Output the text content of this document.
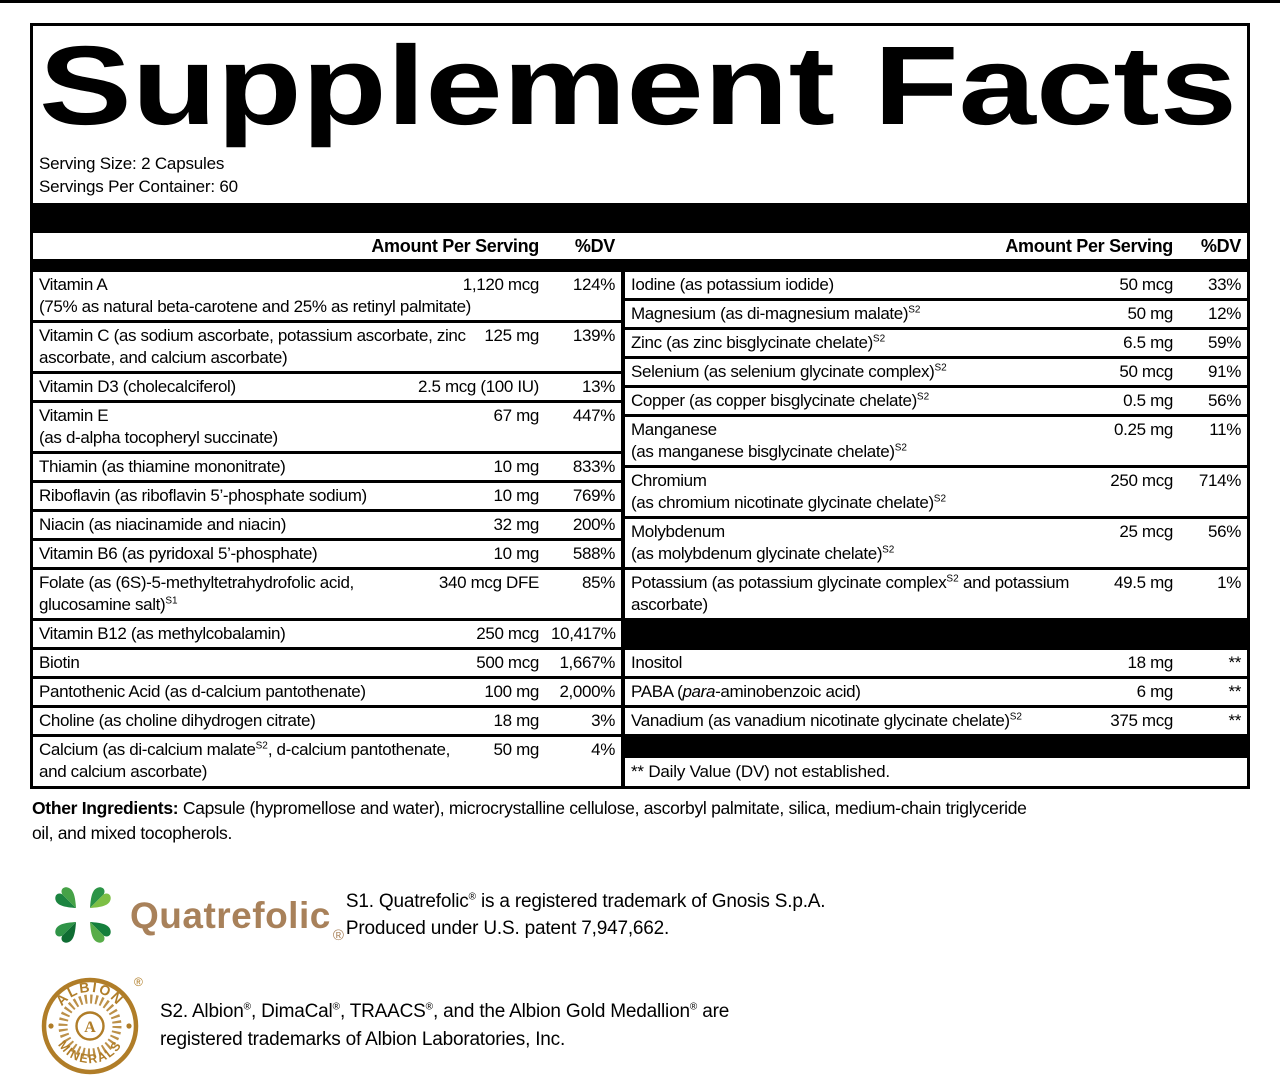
Supplement Facts
Serving Size: 2 Capsules
Servings Per Container: 60
Amount Per Serving	%DV	Amount Per Serving	%DV
Vitamin A	1,120 mcg	124%
(75% as natural beta-carotene and 25% as retinyl palmitate)
Vitamin C (as sodium ascorbate, potassium ascorbate, zinc ascorbate, and calcium ascorbate)
125 mg	139%
Vitamin D3 (cholecalciferol)	2.5 mcg (100 IU)	13%
Vitamin E	67 mg	447%
(as d-alpha tocopheryl succinate)
Thiamin (as thiamine mononitrate)	10 mg	833%
Riboflavin (as riboflavin 5’-phosphate sodium)	10 mg	769%
Niacin (as niacinamide and niacin)	32 mg	200%
Vitamin B6 (as pyridoxal 5’-phosphate)	10 mg	588%
Folate (as (6S)-5-methyltetrahydrofolic acid, glucosamine salt)$^{S1}$
340 mcg DFE	85%
Vitamin B12 (as methylcobalamin)	250 mcg 10,417%
Biotin	500 mcg	1,667%
Pantothenic Acid (as d-calcium pantothenate)	100 mg	2,000%
Choline (as choline dihydrogen citrate)	18 mg	3%
Calcium (as di-calcium malate$^{S2}$, d-calcium pantothenate, and calcium ascorbate)
50 mg	4%
Iodine (as potassium iodide)	50 mcg	33%
Magnesium (as di-magnesium malate)$^{S2}$	50 mg	12%
Zinc (as zinc bisglycinate chelate)$^{S2}$	6.5 mg	59%
Selenium (as selenium glycinate complex)$^{S2}$	50 mcg	91%
Copper (as copper bisglycinate chelate)$^{S2}$	0.5 mg	56%
Manganese	0.25 mg	11%
(as manganese bisglycinate chelate)$^{S2}$
Chromium	250 mcg	714%
(as chromium nicotinate glycinate chelate)$^{S2}$
Molybdenum	25 mcg	56%
(as molybdenum glycinate chelate)$^{S2}$
Potassium (as potassium glycinate complex$^{S2}$ and potassium ascorbate)
49.5 mg	1%
Inositol	18 mg	**
PABA (para-aminobenzoic acid)	6 mg	**
Vanadium (as vanadium nicotinate glycinate chelate)$^{S2}$	375 mcg	**
** Daily Value (DV) not established.
Other Ingredients: Capsule (hypromellose and water), microcrystalline cellulose, ascorbyl palmitate, silica, medium-chain triglyceride oil, and mixed tocopherols.
Quatrefolic ®
S1. Quatrefolic® is a registered trademark of Gnosis S.p.A.
Produced under U.S. patent 7,947,662.
ALBION
MINERALS
A
®
S2. Albion®, DimaCal®, TRAACS®, and the Albion Gold Medallion® are
registered trademarks of Albion Laboratories, Inc.
